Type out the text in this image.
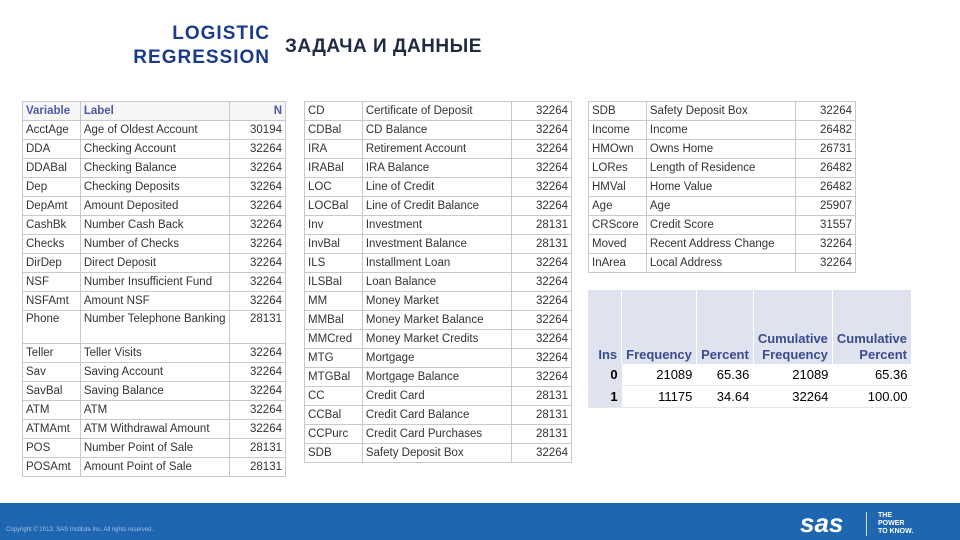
LOGISTIC
REGRESSION
ЗАДАЧА И ДАННЫЕ
Variable	Label	N
AcctAge	Age of Oldest Account	30194
DDA	Checking Account	32264
DDABal	Checking Balance	32264
Dep	Checking Deposits	32264
DepAmt	Amount Deposited	32264
CashBk	Number Cash Back	32264
Checks	Number of Checks	32264
DirDep	Direct Deposit	32264
NSF	Number Insufficient Fund	32264
NSFAmt	Amount NSF	32264
Phone	Number Telephone Banking	28131
Teller	Teller Visits	32264
Sav	Saving Account	32264
SavBal	Saving Balance	32264
ATM	ATM	32264
ATMAmt	ATM Withdrawal Amount	32264
POS	Number Point of Sale	28131
POSAmt	Amount Point of Sale	28131
CD	Certificate of Deposit	32264
CDBal	CD Balance	32264
IRA	Retirement Account	32264
IRABal	IRA Balance	32264
LOC	Line of Credit	32264
LOCBal	Line of Credit Balance	32264
Inv	Investment	28131
InvBal	Investment Balance	28131
ILS	Installment Loan	32264
ILSBal	Loan Balance	32264
MM	Money Market	32264
MMBal	Money Market Balance	32264
MMCred	Money Market Credits	32264
MTG	Mortgage	32264
MTGBal	Mortgage Balance	32264
CC	Credit Card	28131
CCBal	Credit Card Balance	28131
CCPurc	Credit Card Purchases	28131
SDB	Safety Deposit Box	32264
SDB	Safety Deposit Box	32264
Income	Income	26482
HMOwn	Owns Home	26731
LORes	Length of Residence	26482
HMVal	Home Value	26482
Age	Age	25907
CRScore	Credit Score	31557
Moved	Recent Address Change	32264
InArea	Local Address	32264
Ins	Frequency	Percent	Cumulative Frequency	Cumulative Percent
0	21089	65.36	21089	65.36
1	11175	34.64	32264	100.00
Copyright © 2013, SAS Institute Inc. All rights reserved.	sas	THE
POWER
TO KNOW.
